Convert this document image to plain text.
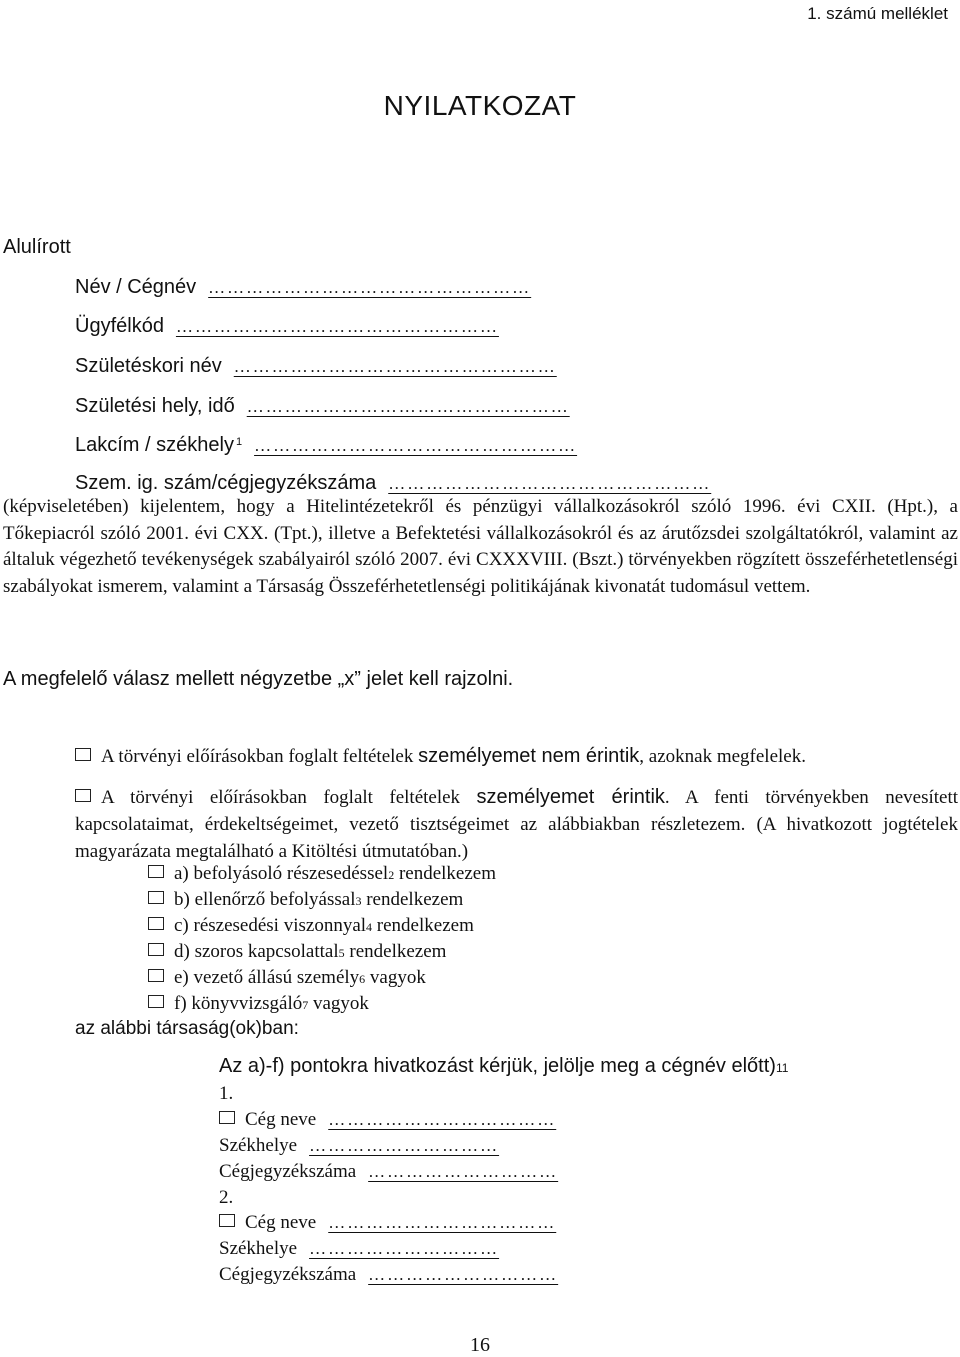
1. számú melléklet
NYILATKOZAT
Alulírott
Név / Cégnév ……………………………………………
Ügyfélkód ……………………………………………
Születéskori név ……………………………………………
Születési hely, idő ……………………………………………
Lakcím / székhely $^1$ ……………………………………………
Szem. ig. szám/cégjegyzékszáma ……………………………………………
(képviseletében) kijelentem, hogy a Hitelintézetekről és pénzügyi vállalkozásokról szóló 1996. évi CXII. (Hpt.), a Tőkepiacról szóló 2001. évi CXX. (Tpt.), illetve a Befektetési vállalkozásokról és az árutőzsdei szolgáltatókról, valamint az általuk végezhető tevékenységek szabályairól szóló 2007. évi CXXXVIII. (Bszt.) törvényekben rögzített összeférhetetlenségi szabályokat ismerem, valamint a Társaság Összeférhetetlenségi politikájának kivonatát tudomásul vettem.
A megfelelő válasz mellett négyzetbe „x” jelet kell rajzolni.
A törvényi előírásokban foglalt feltételek személyemet nem érintik, azoknak megfelelek.
A törvényi előírásokban foglalt feltételek személyemet érintik. A fenti törvényekben nevesített kapcsolataimat, érdekeltségeimet, vezető tisztségeimet az alábbiakban részletezem. (A hivatkozott jogtételek magyarázata megtalálható a Kitöltési útmutatóban.)
a) befolyásoló részesedéssel2 rendelkezem
b) ellenőrző befolyással3 rendelkezem
c) részesedési viszonnyal4 rendelkezem
d) szoros kapcsolattal5 rendelkezem
e) vezető állású személy6 vagyok
f) könyvvizsgáló7 vagyok
az alábbi társaság(ok)ban:
Az a)-f) pontokra hivatkozást kérjük, jelölje meg a cégnév előtt)11
1.
Cég neve ………………………………
Székhelye …………………………
Cégjegyzékszáma …………………………
2.
Cég neve ………………………………
Székhelye …………………………
Cégjegyzékszáma …………………………
16
